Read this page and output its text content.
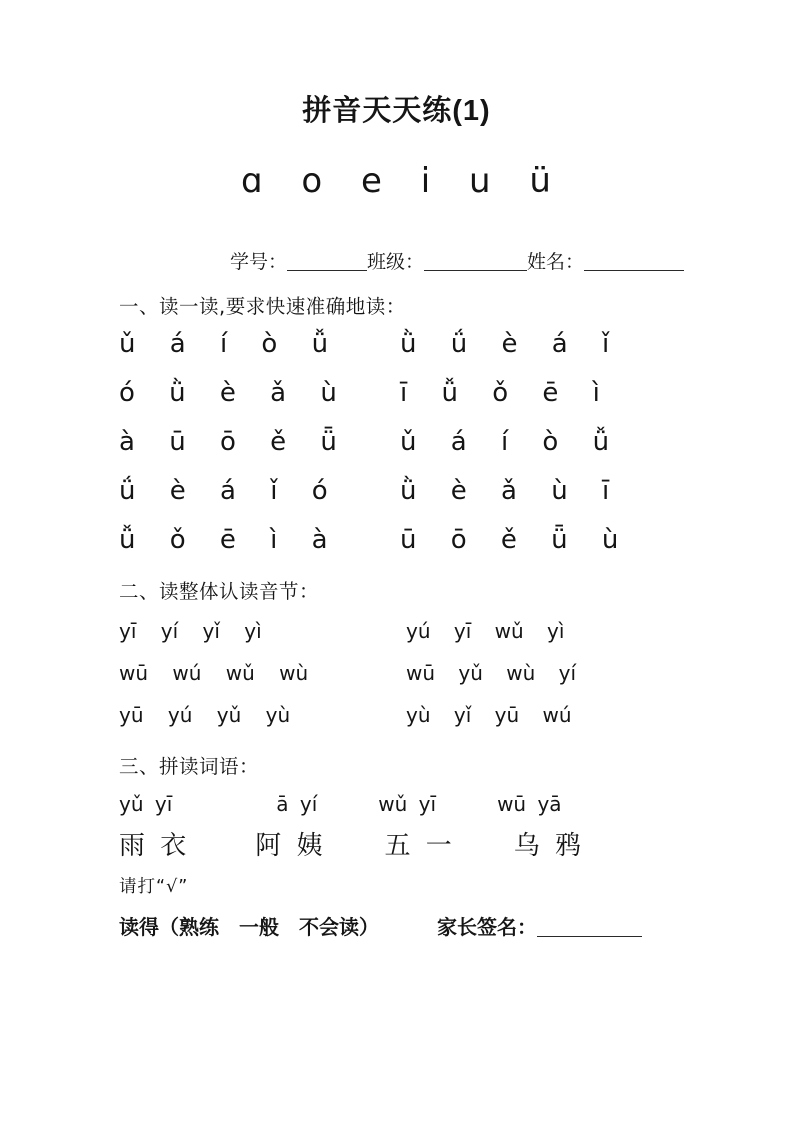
拼音天天练(1)
ɑ o e i u ü
学号：	班级：	姓名：
一、读一读,要求快速准确地读：
ǔ á í ò ǚ	ǜ ǘ è á ǐ
ó ǜ è ǎ ù	ī ǚ ǒ ē ì
à ū ō ě ǖ	ǔ á í ò ǚ
ǘ è á ǐ ó	ǜ è ǎ ù ī
ǚ ǒ ē ì à	ū ō ě ǖ ù
二、读整体认读音节：
yī yí yǐ yì	yú yī wǔ yì
wū wú wǔ wù	wū yǔ wù yí
yū yú yǔ yù	yù yǐ yū wú
三、拼读词语：
yǔ yī	ā yí	wǔ yī	wū yā
雨 衣	阿 姨 五 一 乌 鸦
请打“√”
读得（熟练　一般　不会读）	家长签名：
